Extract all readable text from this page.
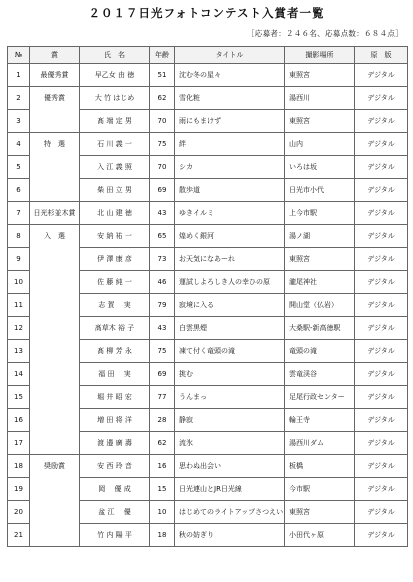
２０１７日光フォトコンテスト入賞者一覧
［応募者：２４６名、応募点数：６８４点］
№	賞	氏　名	年齢	タイトル	撮影場所	原　版
1	最優秀賞	早乙女 由 徳	51	沈む冬の星々	東照宮	デジタル
2	優秀賞	大 竹 はじめ	62	雪化粧	湯西川	デジタル
3		髙 端 定 男	70	雨にもまけず	東照宮	デジタル
4	特　選	石 川 義 一	75	絆	山内	デジタル
5		入 江 義 照	70	シカ	いろは坂	デジタル
6		柴 田 立 男	69	散歩道	日光市小代	デジタル
7	日光杉並木賞	北 山 建 徳	43	ゆきイルミ	上今市駅	デジタル
8	入　選	安 納 祐 一	65	煌めく銀河	湯ノ湖	デジタル
9		伊 澤 康 彦	73	お天気になあーれ	東照宮	デジタル
10		佐 藤 純 一	46	運試しよろしき人の幸ひの原	瀧尾神社	デジタル
11		志 賀　 実	79	寂境に入る	開山堂（仏岩）	デジタル
12		髙草木 裕 子	43	白雲黒煙	大桑駅-新高徳駅	デジタル
13		髙 柳 芳 永	75	凍て付く竜頭の滝	竜頭の滝	デジタル
14		福 田　 実	69	挑む	雲竜渓谷	デジタル
15		堀 井 昭 宏	77	うんまっ	足尾行政センター	デジタル
16		増 田 将 洋	28	静寂	輪王寺	デジタル
17		渡 邉 廣 壽	62	流氷	湯西川ダム	デジタル
18	奨励賞	安 西 玲 音	16	思わぬ出会い	板橋	デジタル
19		岡　 優 成	15	日光連山とJR日光線	今市駅	デジタル
20		盆 江　 優	10	はじめてのライトアップさつえい	東照宮	デジタル
21		竹 内 陽 平	18	秋の妨ぎり	小田代ヶ原	デジタル
